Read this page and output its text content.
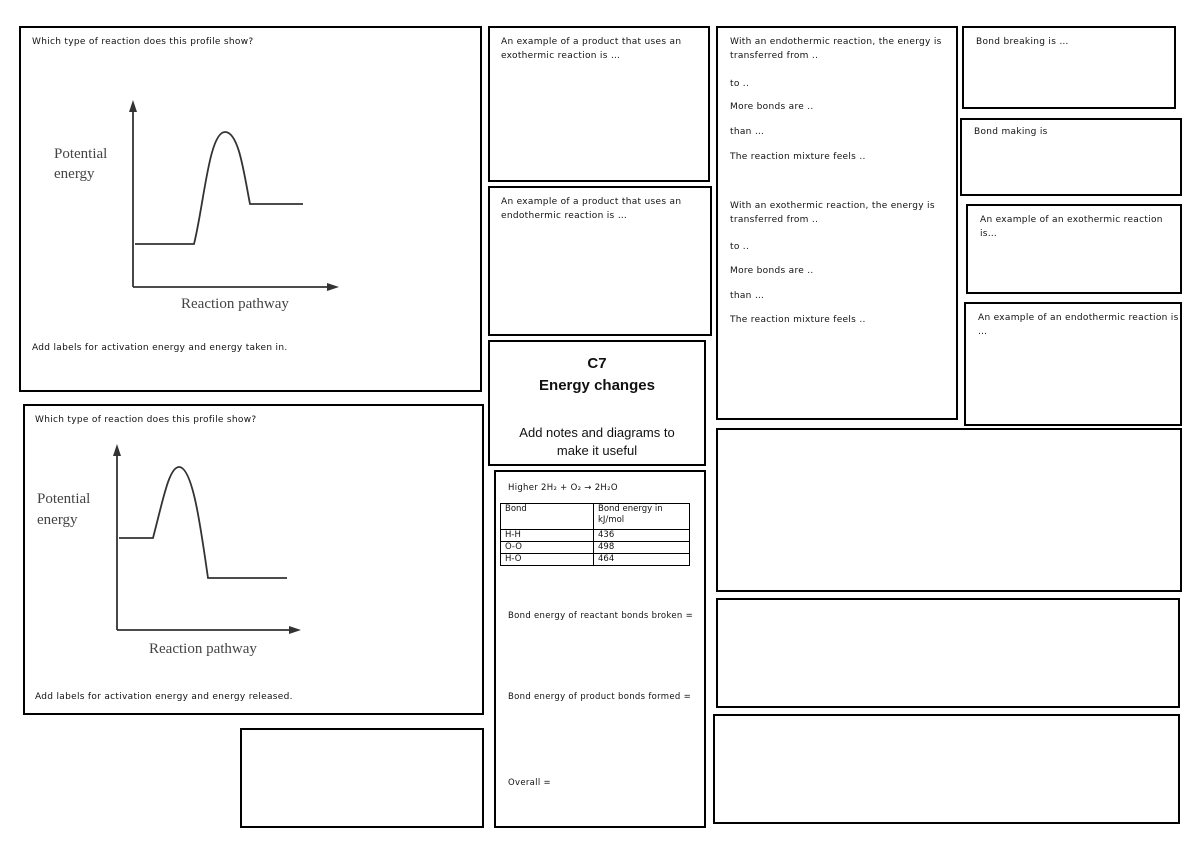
Which type of reaction does this profile show?
Potential
energy
Reaction pathway
Add labels for activation energy and energy taken in.
Which type of reaction does this profile show?
Potential
energy
Reaction pathway
Add labels for activation energy and energy released.
An example of a product that uses an
exothermic reaction is …
An example of a product that uses an
endothermic reaction is …
C7
Energy changes
Add notes and diagrams to
make it useful
Higher 2H₂ + O₂ → 2H₂O
Bond	Bond energy in
kJ/mol

H-H	436
O-O	498
H-O	464
Bond energy of reactant bonds broken =
Bond energy of product bonds formed =
Overall =
With an endothermic reaction, the energy is
transferred from ..
to ..
More bonds are ..
than …
The reaction mixture feels ..
With an exothermic reaction, the energy is
transferred from ..
to ..
More bonds are ..
than …
The reaction mixture feels ..
Bond breaking is …
Bond making is
An example of an exothermic reaction
is…
An example of an endothermic reaction is
…
